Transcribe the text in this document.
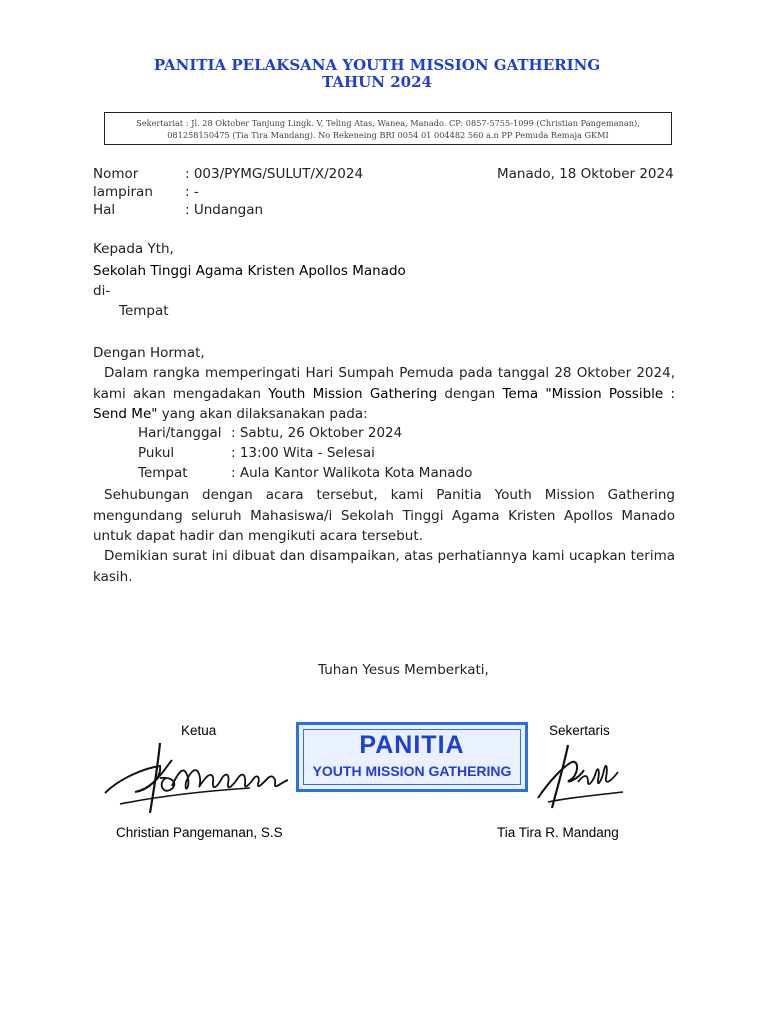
PANITIA PELAKSANA YOUTH MISSION GATHERING
TAHUN 2024
Sekertariat : Jl. 28 Oktober Tanjung Lingk. V, Teling Atas, Wanea, Manado. CP: 0857-5755-1099 (Christian Pangemanan),
081258150475 (Tia Tira Mandang). No Rekeneing BRI 0054 01 004482 560 a.n PP Pemuda Remaja GKMI
Nomor	: 003/PYMG/SULUT/X/2024	Manado, 18 Oktober 2024
lampiran : -
Hal	: Undangan
Kepada Yth,
Sekolah Tinggi Agama Kristen Apollos Manado
di-
Tempat
Dengan Hormat,
Dalam rangka memperingati Hari Sumpah Pemuda pada tanggal 28 Oktober 2024, kami akan mengadakan Youth Mission Gathering dengan Tema "Mission Possible : Send Me" yang akan dilaksanakan pada:
Hari/tanggal : Sabtu, 26 Oktober 2024
Pukul	: 13:00 Wita - Selesai
Tempat	: Aula Kantor Walikota Kota Manado
Sehubungan dengan acara tersebut, kami Panitia Youth Mission Gathering mengundang seluruh Mahasiswa/i Sekolah Tinggi Agama Kristen Apollos Manado untuk dapat hadir dan mengikuti acara tersebut.
Demikian surat ini dibuat dan disampaikan, atas perhatiannya kami ucapkan terima kasih.
Tuhan Yesus Memberkati,
Ketua	Sekertaris
PANITIA
YOUTH MISSION GATHERING
Christian Pangemanan, S.S	Tia Tira R. Mandang
